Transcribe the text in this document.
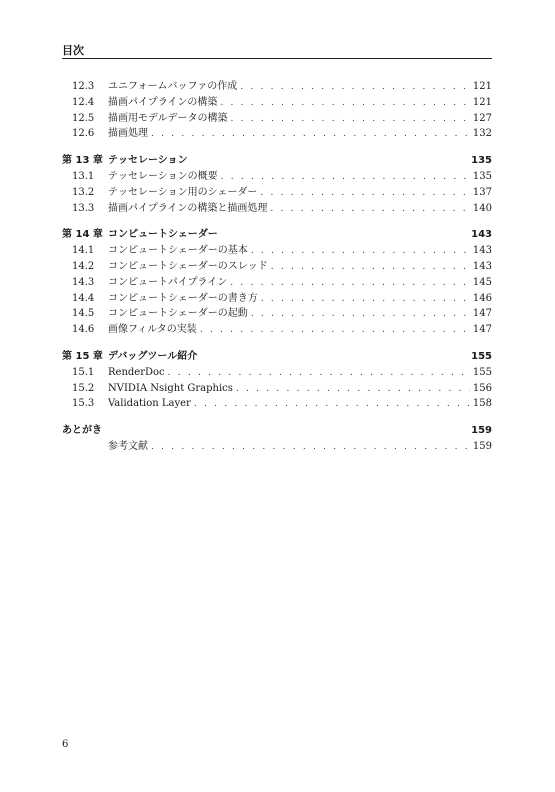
目次
12.3	ユニフォームバッファの作成 . . .	121
12.4	描画パイプラインの構築 . . .	121
12.5	描画用モデルデータの構築 . . .	127
12.6	描画処理 . . .	132
第 13 章 テッセレーション	135
13.1	テッセレーションの概要 . . .	135
13.2	テッセレーション用のシェーダー . . .	137
13.3	描画パイプラインの構築と描画処理 . . .	140
第 14 章 コンピュートシェーダー	143
14.1	コンピュートシェーダーの基本 . . .	143
14.2	コンピュートシェーダーのスレッド . . .	143
14.3	コンピュートパイプライン . . .	145
14.4	コンピュートシェーダーの書き方 . . .	146
14.5	コンピュートシェーダーの起動 . . .	147
14.6	画像フィルタの実装 . . .	147
第 15 章 デバッグツール紹介	155
15.1	RenderDoc . . .	155
15.2	NVIDIA Nsight Graphics . . .	156
15.3	Validation Layer . . .	158
あとがき	159
参考文献 . . .	159
6
